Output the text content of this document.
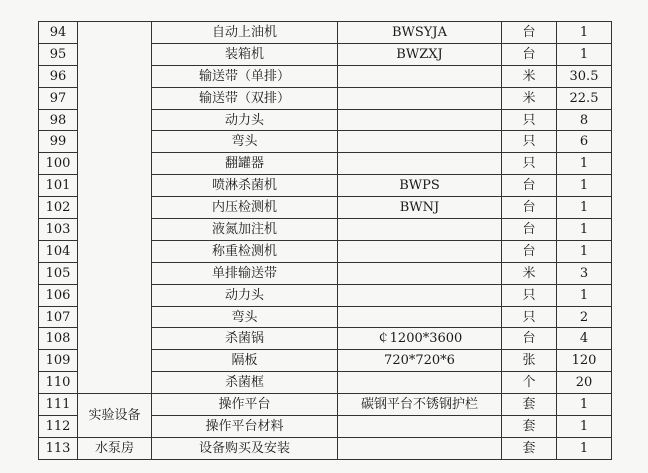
94		自动上油机	BWSYJA	台	1
95		装箱机	BWZXJ	台	1
96		输送带（单排）		米	30.5
97		输送带（双排）		米	22.5
98		动力头		只	8
99		弯头		只	6
100		翻罐器		只	1
101		喷淋杀菌机	BWPS	台	1
102		内压检测机	BWNJ	台	1
103		液氮加注机		台	1
104		称重检测机		台	1
105		单排输送带		米	3
106		动力头		只	1
107		弯头		只	2
108		杀菌锅	￠1200*3600	台	4
109		隔板	720*720*6	张	120
110		杀菌框		个	20
111	实验设备	操作平台	碳钢平台不锈钢护栏	套	1
112		操作平台材料		套	1
113	水泵房	设备购买及安装		套	1
